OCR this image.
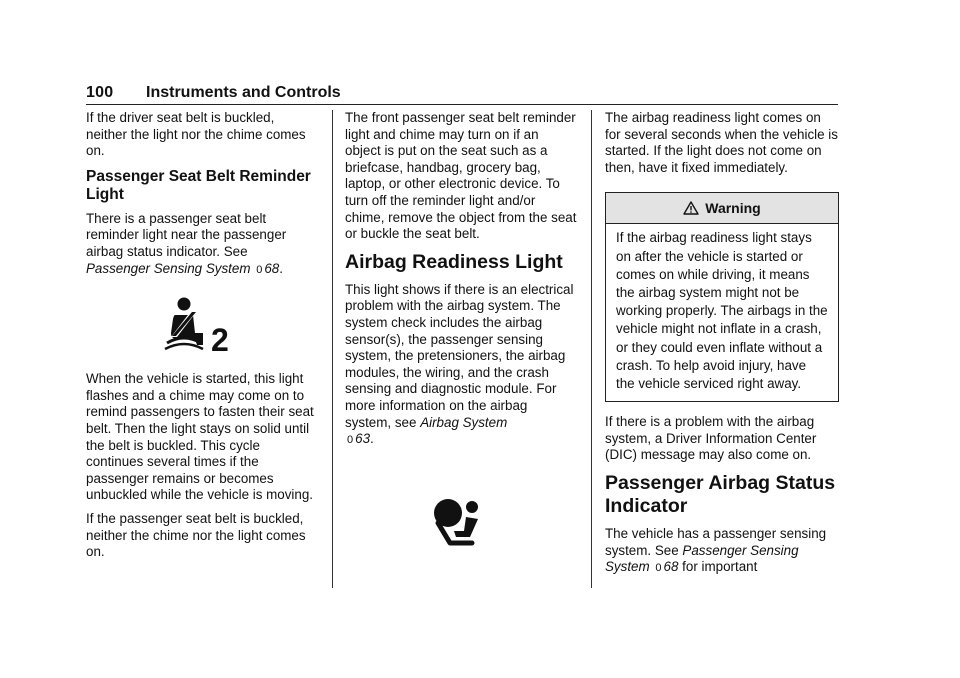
100 Instruments and Controls

If the driver seat belt is buckled, neither the light nor the chime comes on.

Passenger Seat Belt Reminder Light

There is a passenger seat belt reminder light near the passenger airbag status indicator. See
Passenger Sensing System 0 68.

2

When the vehicle is started, this light flashes and a chime may come on to remind passengers to fasten their seat belt. Then the light stays on solid until the belt is buckled. This cycle continues several times if the passenger remains or becomes unbuckled while the vehicle is moving.

If the passenger seat belt is buckled, neither the chime nor the light comes on.

The front passenger seat belt reminder light and chime may turn on if an object is put on the seat such as a briefcase, handbag, grocery bag, laptop, or other electronic device. To turn off the reminder light and/or chime, remove the object from the seat or buckle the seat belt.

Airbag Readiness Light

This light shows if there is an electrical problem with the airbag system. The system check includes the airbag sensor(s), the passenger sensing system, the pretensioners, the airbag modules, the wiring, and the crash sensing and diagnostic module. For more information on the airbag system, see Airbag System
0 63.

The airbag readiness light comes on for several seconds when the vehicle is started. If the light does not come on then, have it fixed immediately.

Warning
If the airbag readiness light stays on after the vehicle is started or comes on while driving, it means the airbag system might not be working properly. The airbags in the vehicle might not inflate in a crash, or they could even inflate without a crash. To help avoid injury, have the vehicle serviced right away.

If there is a problem with the airbag system, a Driver Information Center (DIC) message may also come on.

Passenger Airbag Status Indicator

The vehicle has a passenger sensing system. See Passenger Sensing System 0 68 for important
